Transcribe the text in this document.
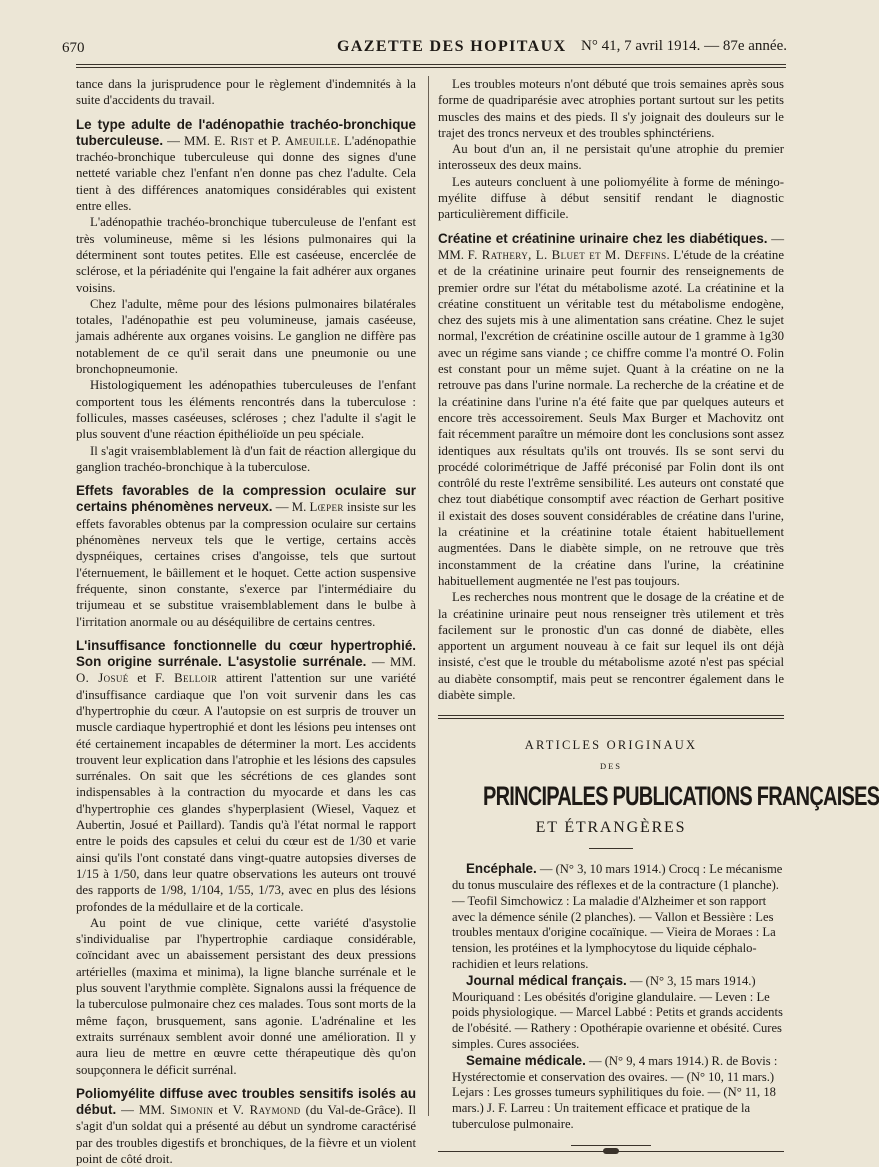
670	GAZETTE DES HOPITAUX N° 41, 7 avril 1914. — 87e année.

tance dans la jurisprudence pour le règlement d'indemnités à la suite d'accidents du travail.

Le type adulte de l'adénopathie trachéo-bronchique tuberculeuse. — MM. E. Rist et P. Ameuille. L'adénopathie trachéo-bronchique tuberculeuse qui donne des signes d'une netteté variable chez l'enfant n'en donne pas chez l'adulte. Cela tient à des différences anatomiques considérables qui existent entre elles.

L'adénopathie trachéo-bronchique tuberculeuse de l'enfant est très volumineuse, même si les lésions pulmonaires qui la déterminent sont toutes petites. Elle est caséeuse, encerclée de sclérose, et la périadénite qui l'engaine la fait adhérer aux organes voisins.

Chez l'adulte, même pour des lésions pulmonaires bilatérales totales, l'adénopathie est peu volumineuse, jamais caséeuse, jamais adhérente aux organes voisins. Le ganglion ne diffère pas notablement de ce qu'il serait dans une pneumonie ou une bronchopneumonie.

Histologiquement les adénopathies tuberculeuses de l'enfant comportent tous les éléments rencontrés dans la tuberculose : follicules, masses caséeuses, scléroses ; chez l'adulte il s'agit le plus souvent d'une réaction épithélioïde un peu spéciale.

Il s'agit vraisemblablement là d'un fait de réaction allergique du ganglion trachéo-bronchique à la tuberculose.

Effets favorables de la compression oculaire sur certains phénomènes nerveux. — M. Lœper insiste sur les effets favorables obtenus par la compression oculaire sur certains phénomènes nerveux tels que le vertige, certains accès dyspnéiques, certaines crises d'angoisse, tels que surtout l'éternuement, le bâillement et le hoquet. Cette action suspensive fréquente, sinon constante, s'exerce par l'intermédiaire du trijumeau et se substitue vraisemblablement dans le bulbe à l'irritation anormale ou au déséquilibre de certains centres.

L'insuffisance fonctionnelle du cœur hypertrophié. Son origine surrénale. L'asystolie surrénale. — MM. O. Josué et F. Belloir attirent l'attention sur une variété d'insuffisance cardiaque que l'on voit survenir dans les cas d'hypertrophie du cœur. A l'autopsie on est surpris de trouver un muscle cardiaque hypertrophié et dont les lésions peu intenses ont été certainement incapables de déterminer la mort. Les accidents trouvent leur explication dans l'atrophie et les lésions des capsules surrénales. On sait que les sécrétions de ces glandes sont indispensables à la contraction du myocarde et dans les cas d'hypertrophie ces glandes s'hyperplasient (Wiesel, Vaquez et Aubertin, Josué et Paillard). Tandis qu'à l'état normal le rapport entre le poids des capsules et celui du cœur est de 1/30 et varie ainsi qu'ils l'ont constaté dans vingt-quatre autopsies diverses de 1/15 à 1/50, dans leur quatre observations les auteurs ont trouvé des rapports de 1/98, 1/104, 1/55, 1/73, avec en plus des lésions profondes de la médullaire et de la corticale.

Au point de vue clinique, cette variété d'asystolie s'individualise par l'hypertrophie cardiaque considérable, coïncidant avec un abaissement persistant des deux pressions artérielles (maxima et minima), la ligne blanche surrénale et le plus souvent l'arythmie complète. Signalons aussi la fréquence de la tuberculose pulmonaire chez ces malades. Tous sont morts de la même façon, brusquement, sans agonie. L'adrénaline et les extraits surrénaux semblent avoir donné une amélioration. Il y aura lieu de mettre en œuvre cette thérapeutique dès qu'on soupçonnera le déficit surrénal.

Poliomyélite diffuse avec troubles sensitifs isolés au début. — MM. Simonin et V. Raymond (du Val-de-Grâce). Il s'agit d'un soldat qui a présenté au début un syndrome caractérisé par des troubles digestifs et bronchiques, de la fièvre et un violent point de côté droit.

Les troubles moteurs n'ont débuté que trois semaines après sous forme de quadriparésie avec atrophies portant surtout sur les petits muscles des mains et des pieds. Il s'y joignait des douleurs sur le trajet des troncs nerveux et des troubles sphinctériens.

Au bout d'un an, il ne persistait qu'une atrophie du premier interosseux des deux mains.

Les auteurs concluent à une poliomyélite à forme de méningo-myélite diffuse à début sensitif rendant le diagnostic particulièrement difficile.

Créatine et créatinine urinaire chez les diabétiques. — MM. F. Rathery, L. Bluet et M. Deffins. L'étude de la créatine et de la créatinine urinaire peut fournir des renseignements de premier ordre sur l'état du métabolisme azoté. La créatinine et la créatine constituent un véritable test du métabolisme endogène, chez des sujets mis à une alimentation sans créatine. Chez le sujet normal, l'excrétion de créatinine oscille autour de 1 gramme à 1g30 avec un régime sans viande ; ce chiffre comme l'a montré O. Folin est constant pour un même sujet. Quant à la créatine on ne la retrouve pas dans l'urine normale. La recherche de la créatine et de la créatinine dans l'urine n'a été faite que par quelques auteurs et encore très accessoirement. Seuls Max Burger et Machovitz ont fait récemment paraître un mémoire dont les conclusions sont assez identiques aux résultats qu'ils ont trouvés. Ils se sont servi du procédé colorimétrique de Jaffé préconisé par Folin dont ils ont contrôlé du reste l'extrême sensibilité. Les auteurs ont constaté que chez tout diabétique consomptif avec réaction de Gerhart positive il existait des doses souvent considérables de créatine dans l'urine, la créatinine et la créatinine totale étaient habituellement augmentées. Dans le diabète simple, on ne retrouve que très inconstamment de la créatine dans l'urine, la créatinine habituellement augmentée ne l'est pas toujours.

Les recherches nous montrent que le dosage de la créatine et de la créatinine urinaire peut nous renseigner très utilement et très facilement sur le pronostic d'un cas donné de diabète, elles apportent un argument nouveau à ce fait sur lequel ils ont déjà insisté, c'est que le trouble du métabolisme azoté n'est pas spécial au diabète consomptif, mais peut se rencontrer également dans le diabète simple.

ARTICLES ORIGINAUX
DES
PRINCIPALES PUBLICATIONS FRANÇAISES
ET ÉTRANGÈRES

Encéphale. — (N° 3, 10 mars 1914.) Crocq : Le mécanisme du tonus musculaire des réflexes et de la contracture (1 planche). — Teofil Simchowicz : La maladie d'Alzheimer et son rapport avec la démence sénile (2 planches). — Vallon et Bessière : Les troubles mentaux d'origine cocaïnique. — Vieira de Moraes : La tension, les protéines et la lymphocytose du liquide céphalo-rachidien et leurs relations.

Journal médical français. — (N° 3, 15 mars 1914.) Mouriquand : Les obésités d'origine glandulaire. — Leven : Le poids physiologique. — Marcel Labbé : Petits et grands accidents de l'obésité. — Rathery : Opothérapie ovarienne et obésité. Cures simples. Cures associées.

Semaine médicale. — (N° 9, 4 mars 1914.) R. de Bovis : Hystérectomie et conservation des ovaires. — (N° 10, 11 mars.) Lejars : Les grosses tumeurs syphilitiques du foie. — (N° 11, 18 mars.) J. F. Larreu : Un traitement efficace et pratique de la tuberculose pulmonaire.
